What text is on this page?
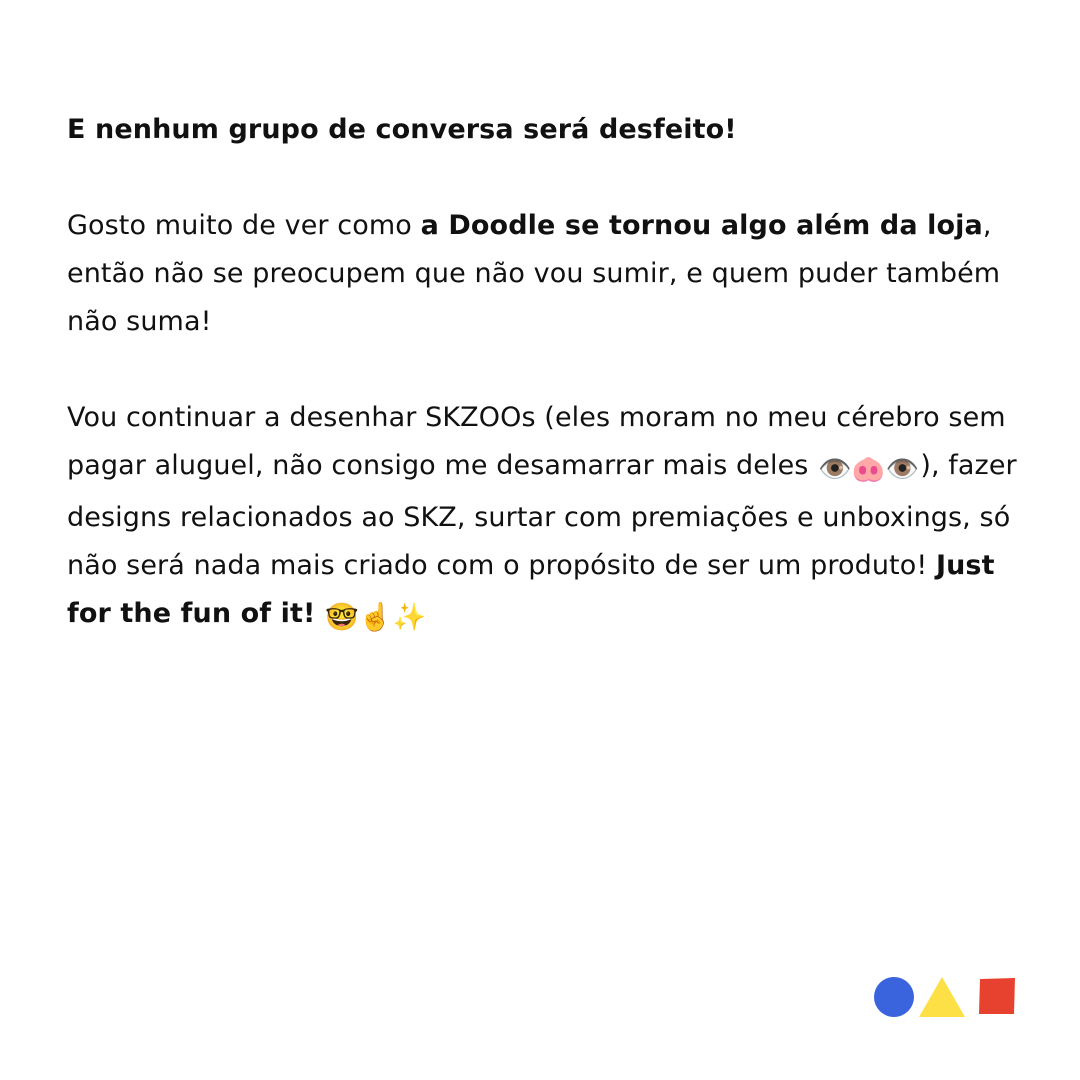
E nenhum grupo de conversa será desfeito!

Gosto muito de ver como a Doodle se tornou algo além da loja, então não se preocupem que não vou sumir, e quem puder também não suma!

Vou continuar a desenhar SKZOOs (eles moram no meu cérebro sem pagar aluguel, não consigo me desamarrar mais deles 👁️🐽👁️), fazer designs relacionados ao SKZ, surtar com premiações e unboxings, só não será nada mais criado com o propósito de ser um produto! Just for the fun of it! 🤓☝️✨
